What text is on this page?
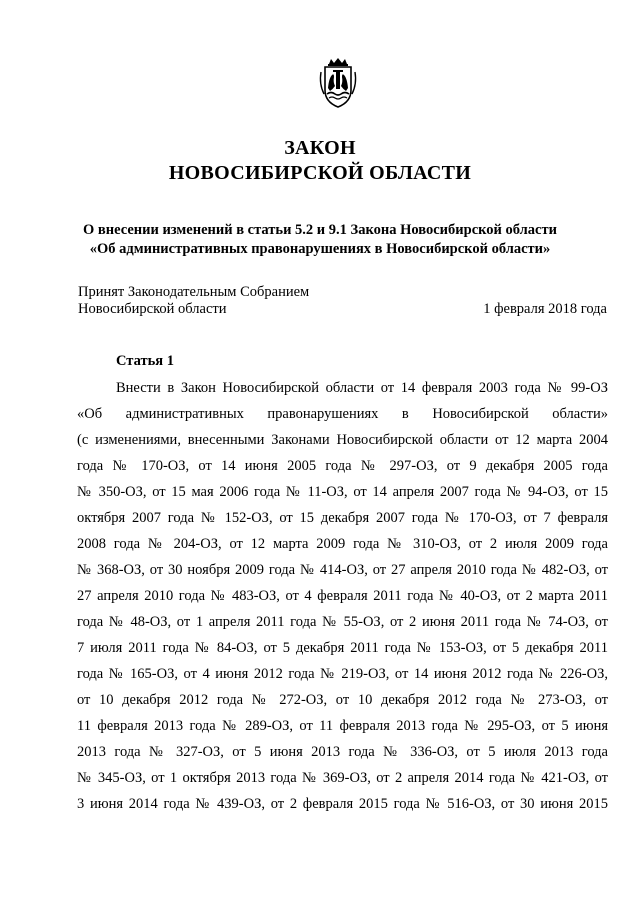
ЗАКОН
НОВОСИБИРСКОЙ ОБЛАСТИ
О внесении изменений в статьи 5.2 и 9.1 Закона Новосибирской области
«Об административных правонарушениях в Новосибирской области»
Принят Законодательным Собранием
Новосибирской области	1 февраля 2018 года
Статья 1
Внести в Закон Новосибирской области от 14 февраля 2003 года № 99-ОЗ
«Об административных правонарушениях в Новосибирской области»
(с изменениями, внесенными Законами Новосибирской области от 12 марта 2004
года № 170-ОЗ, от 14 июня 2005 года № 297-ОЗ, от 9 декабря 2005 года
№ 350-ОЗ, от 15 мая 2006 года № 11-ОЗ, от 14 апреля 2007 года № 94-ОЗ, от 15
октября 2007 года № 152-ОЗ, от 15 декабря 2007 года № 170-ОЗ, от 7 февраля
2008 года № 204-ОЗ, от 12 марта 2009 года № 310-ОЗ, от 2 июля 2009 года
№ 368-ОЗ, от 30 ноября 2009 года № 414-ОЗ, от 27 апреля 2010 года № 482-ОЗ, от
27 апреля 2010 года № 483-ОЗ, от 4 февраля 2011 года № 40-ОЗ, от 2 марта 2011
года № 48-ОЗ, от 1 апреля 2011 года № 55-ОЗ, от 2 июня 2011 года № 74-ОЗ, от
7 июля 2011 года № 84-ОЗ, от 5 декабря 2011 года № 153-ОЗ, от 5 декабря 2011
года № 165-ОЗ, от 4 июня 2012 года № 219-ОЗ, от 14 июня 2012 года № 226-ОЗ,
от 10 декабря 2012 года № 272-ОЗ, от 10 декабря 2012 года № 273-ОЗ, от
11 февраля 2013 года № 289-ОЗ, от 11 февраля 2013 года № 295-ОЗ, от 5 июня
2013 года № 327-ОЗ, от 5 июня 2013 года № 336-ОЗ, от 5 июля 2013 года
№ 345-ОЗ, от 1 октября 2013 года № 369-ОЗ, от 2 апреля 2014 года № 421-ОЗ, от
3 июня 2014 года № 439-ОЗ, от 2 февраля 2015 года № 516-ОЗ, от 30 июня 2015
